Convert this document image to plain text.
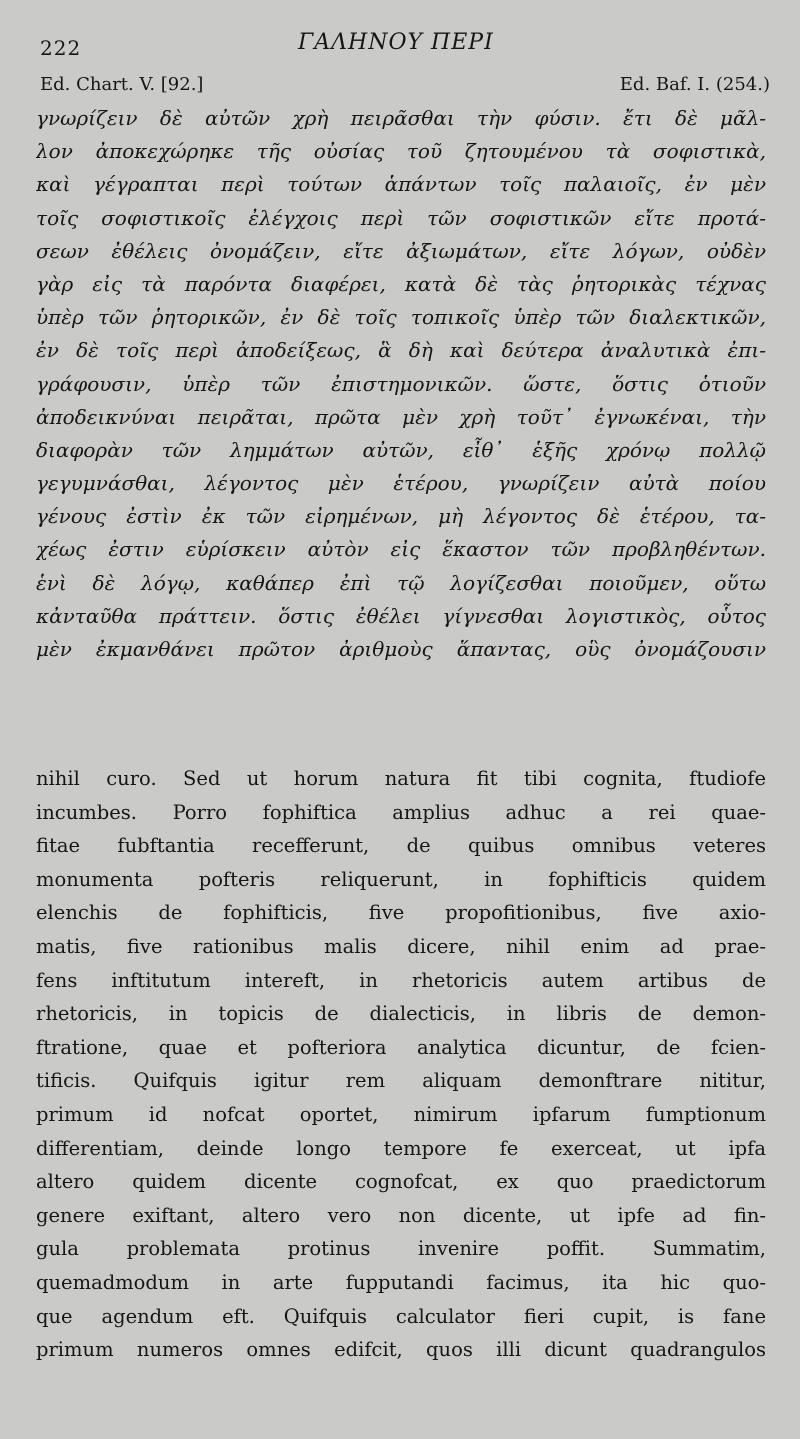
222	ΓΑΛΗΝΟΥ ΠΕΡΙ
Ed. Chart. V. [92.]	Ed. Baf. I. (254.)
γνωρίζειν δὲ αὐτῶν χρὴ πειρᾶσθαι τὴν φύσιν. ἔτι δὲ μᾶλ-
λον ἀποκεχώρηκε τῆς οὐσίας τοῦ ζητουμένου τὰ σοφιστικὰ,
καὶ γέγραπται περὶ τούτων ἁπάντων τοῖς παλαιοῖς, ἐν μὲν
τοῖς σοφιστικοῖς ἐλέγχοις περὶ τῶν σοφιστικῶν εἴτε προτά-
σεων ἐθέλεις ὀνομάζειν, εἴτε ἀξιωμάτων, εἴτε λόγων, οὐδὲν
γὰρ εἰς τὰ παρόντα διαφέρει, κατὰ δὲ τὰς ῥητορικὰς τέχνας
ὑπὲρ τῶν ῥητορικῶν, ἐν δὲ τοῖς τοπικοῖς ὑπὲρ τῶν διαλεκτικῶν,
ἐν δὲ τοῖς περὶ ἀποδείξεως, ἃ δὴ καὶ δεύτερα ἀναλυτικὰ ἐπι-
γράφουσιν, ὑπὲρ τῶν ἐπιστημονικῶν. ὥστε, ὅστις ὁτιοῦν
ἀποδεικνύναι πειρᾶται, πρῶτα μὲν χρὴ τοῦτ᾽ ἐγνωκέναι, τὴν
διαφορὰν τῶν λημμάτων αὐτῶν, εἶθ᾽ ἑξῆς χρόνῳ πολλῷ
γεγυμνάσθαι, λέγοντος μὲν ἑτέρου, γνωρίζειν αὐτὰ ποίου
γένους ἐστὶν ἐκ τῶν εἰρημένων, μὴ λέγοντος δὲ ἑτέρου, τα-
χέως ἐστιν εὑρίσκειν αὐτὸν εἰς ἕκαστον τῶν προβληθέντων.
ἑνὶ δὲ λόγῳ, καθάπερ ἐπὶ τῷ λογίζεσθαι ποιοῦμεν, οὕτω
κἀνταῦθα πράττειν. ὅστις ἐθέλει γίγνεσθαι λογιστικὸς, οὗτος
μὲν ἐκμανθάνει πρῶτον ἀριθμοὺς ἅπαντας, οὓς ὀνομάζουσιν
nihil curo. Sed ut horum natura fit tibi cognita, ftudiofe
incumbes. Porro fophiftica amplius adhuc a rei quae-
fitae fubftantia recefferunt, de quibus omnibus veteres
monumenta pofteris reliquerunt, in fophifticis quidem
elenchis de fophifticis, five propofitionibus, five axio-
matis, five rationibus malis dicere, nihil enim ad prae-
fens inftitutum intereft, in rhetoricis autem artibus de
rhetoricis, in topicis de dialecticis, in libris de demon-
ftratione, quae et pofteriora analytica dicuntur, de fcien-
tificis. Quifquis igitur rem aliquam demonftrare nititur,
primum id nofcat oportet, nimirum ipfarum fumptionum
differentiam, deinde longo tempore fe exerceat, ut ipfa
altero quidem dicente cognofcat, ex quo praedictorum
genere exiftant, altero vero non dicente, ut ipfe ad fin-
gula problemata protinus invenire poffit. Summatim,
quemadmodum in arte fupputandi facimus, ita hic quo-
que agendum eft. Quifquis calculator fieri cupit, is fane
primum numeros omnes edifcit, quos illi dicunt quadrangulos
